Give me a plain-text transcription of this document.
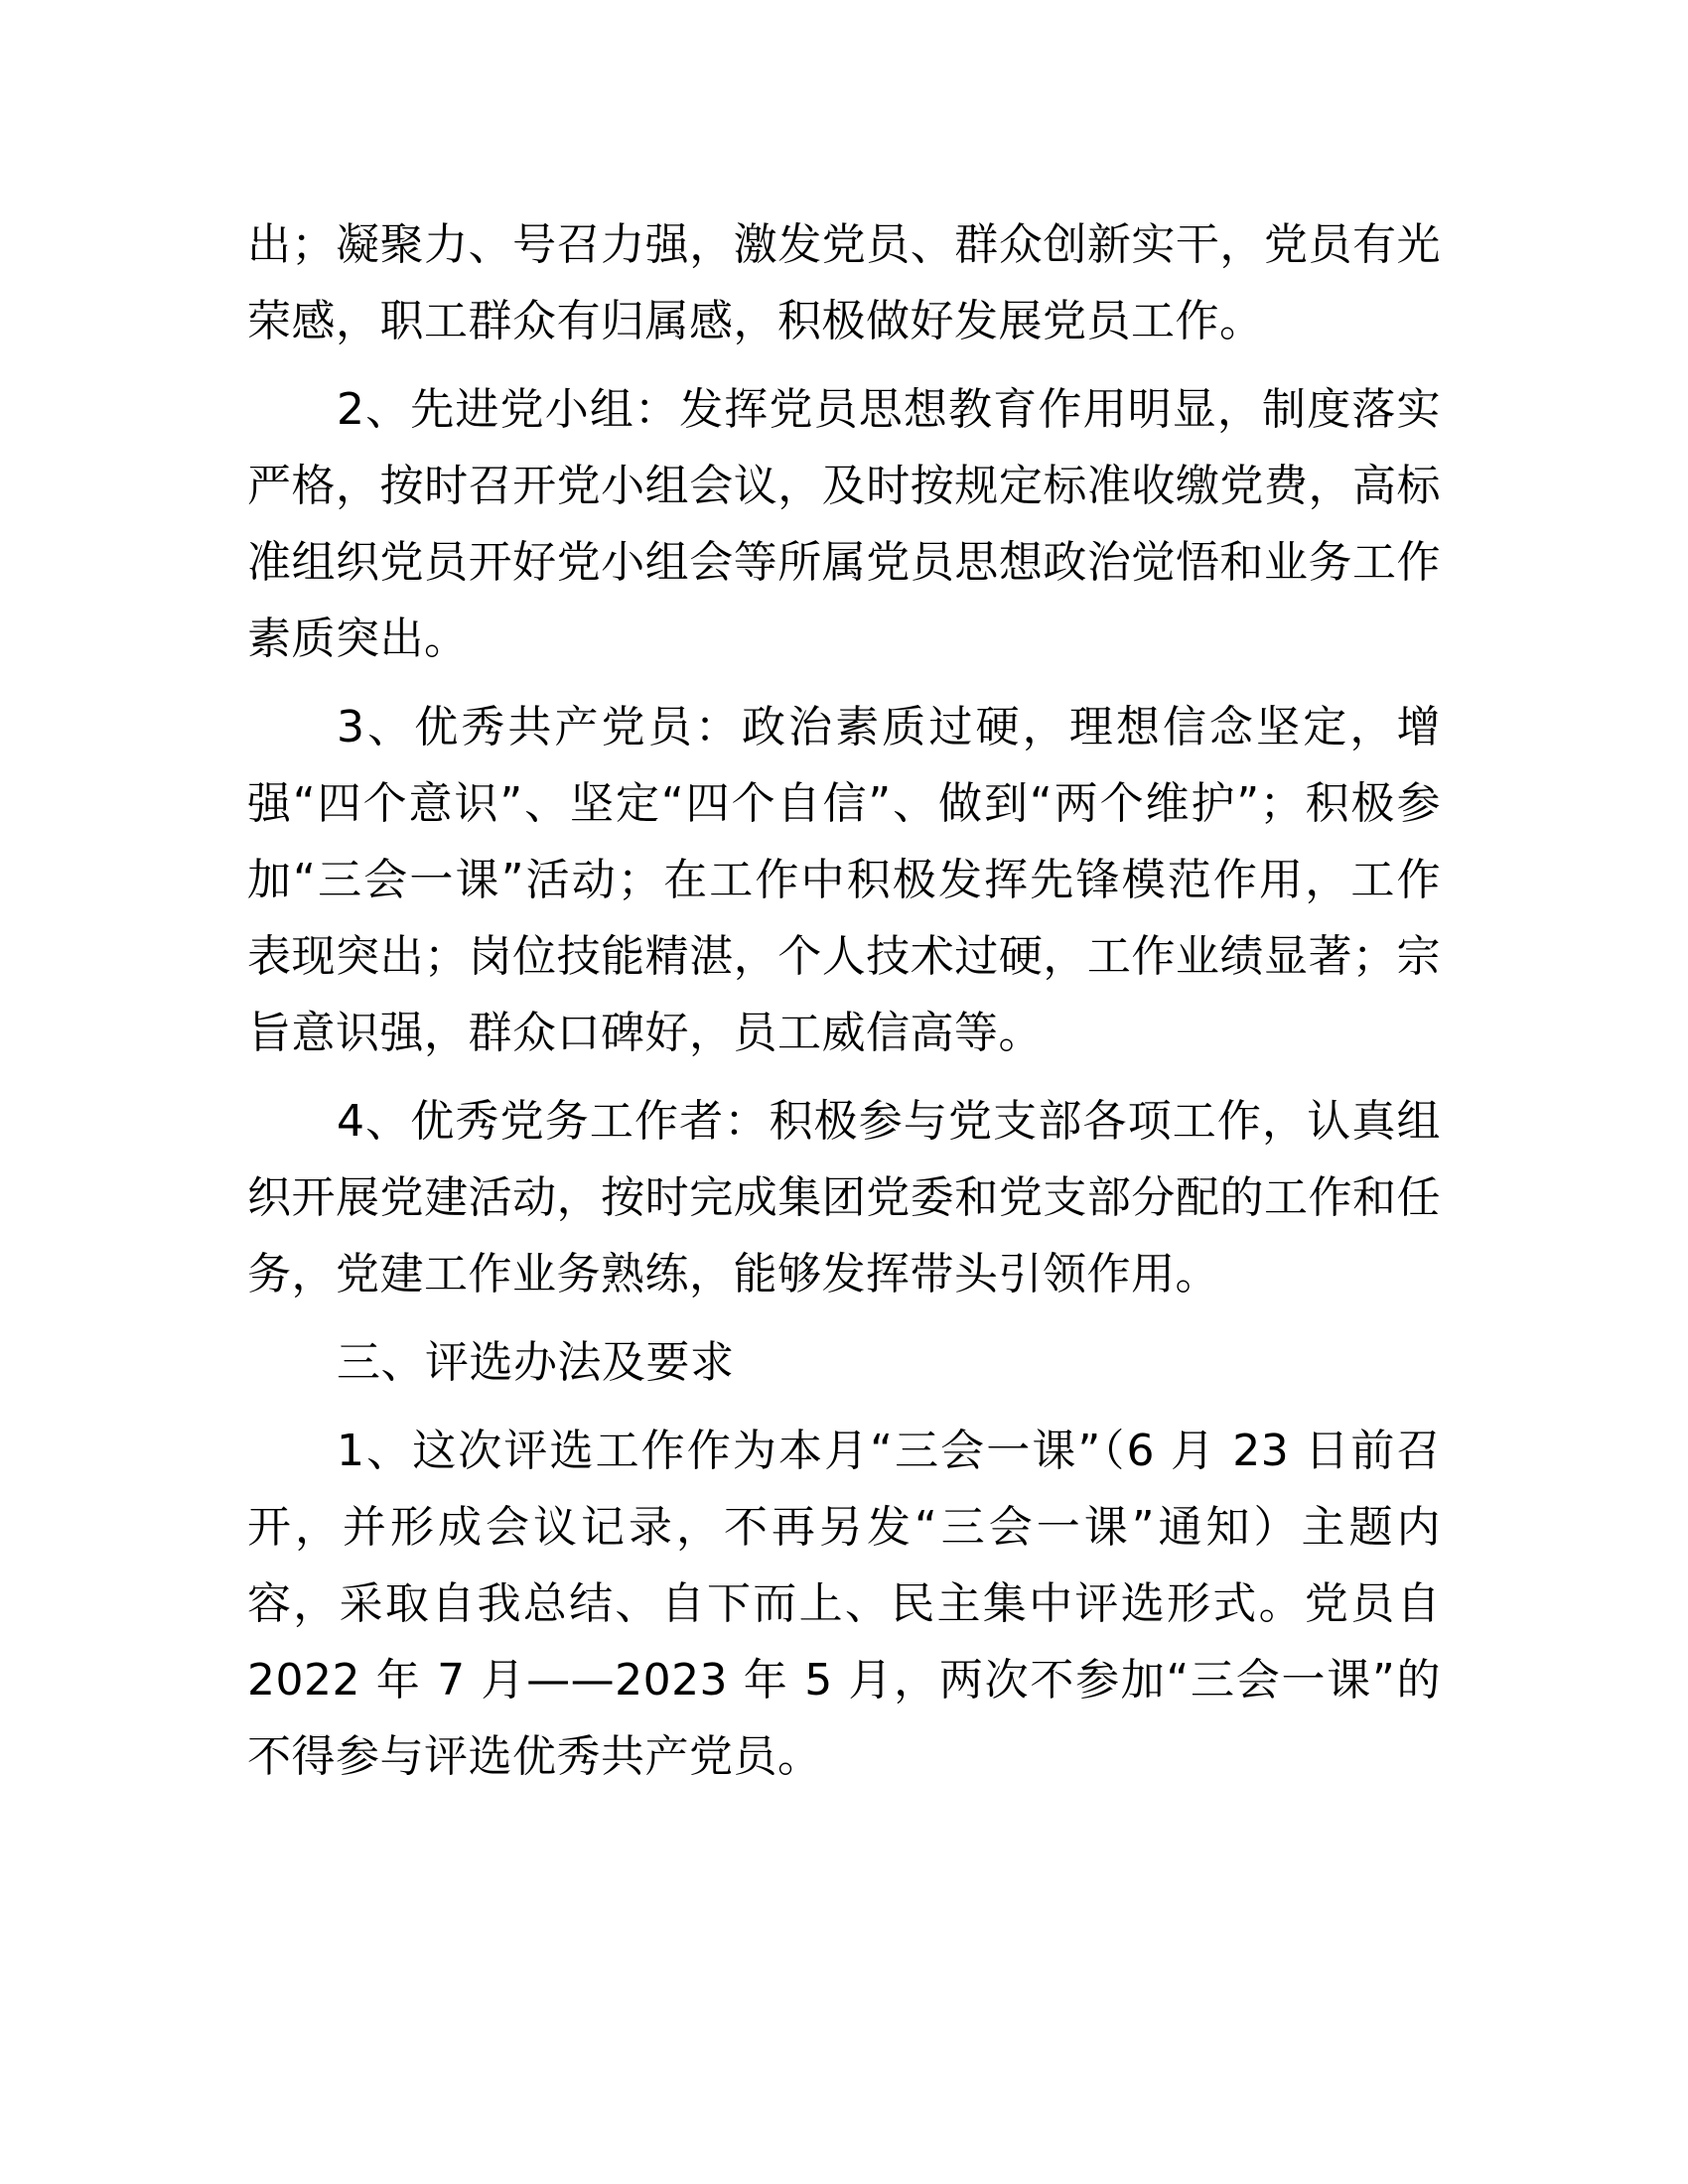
出；凝聚力、号召力强，激发党员、群众创新实干，党员有光荣感，职工群众有归属感，积极做好发展党员工作。

2、先进党小组：发挥党员思想教育作用明显，制度落实严格，按时召开党小组会议，及时按规定标准收缴党费，高标准组织党员开好党小组会等所属党员思想政治觉悟和业务工作素质突出。

3、优秀共产党员：政治素质过硬，理想信念坚定，增强“四个意识”、坚定“四个自信”、做到“两个维护”；积极参加“三会一课”活动；在工作中积极发挥先锋模范作用，工作表现突出；岗位技能精湛，个人技术过硬，工作业绩显著；宗旨意识强，群众口碑好，员工威信高等。

4、优秀党务工作者：积极参与党支部各项工作，认真组织开展党建活动，按时完成集团党委和党支部分配的工作和任务，党建工作业务熟练，能够发挥带头引领作用。

三、评选办法及要求

1、这次评选工作作为本月“三会一课”（6 月 23 日前召开，并形成会议记录，不再另发“三会一课”通知）主题内容，采取自我总结、自下而上、民主集中评选形式。党员自 2022 年 7 月——2023 年 5 月，两次不参加“三会一课”的不得参与评选优秀共产党员。
